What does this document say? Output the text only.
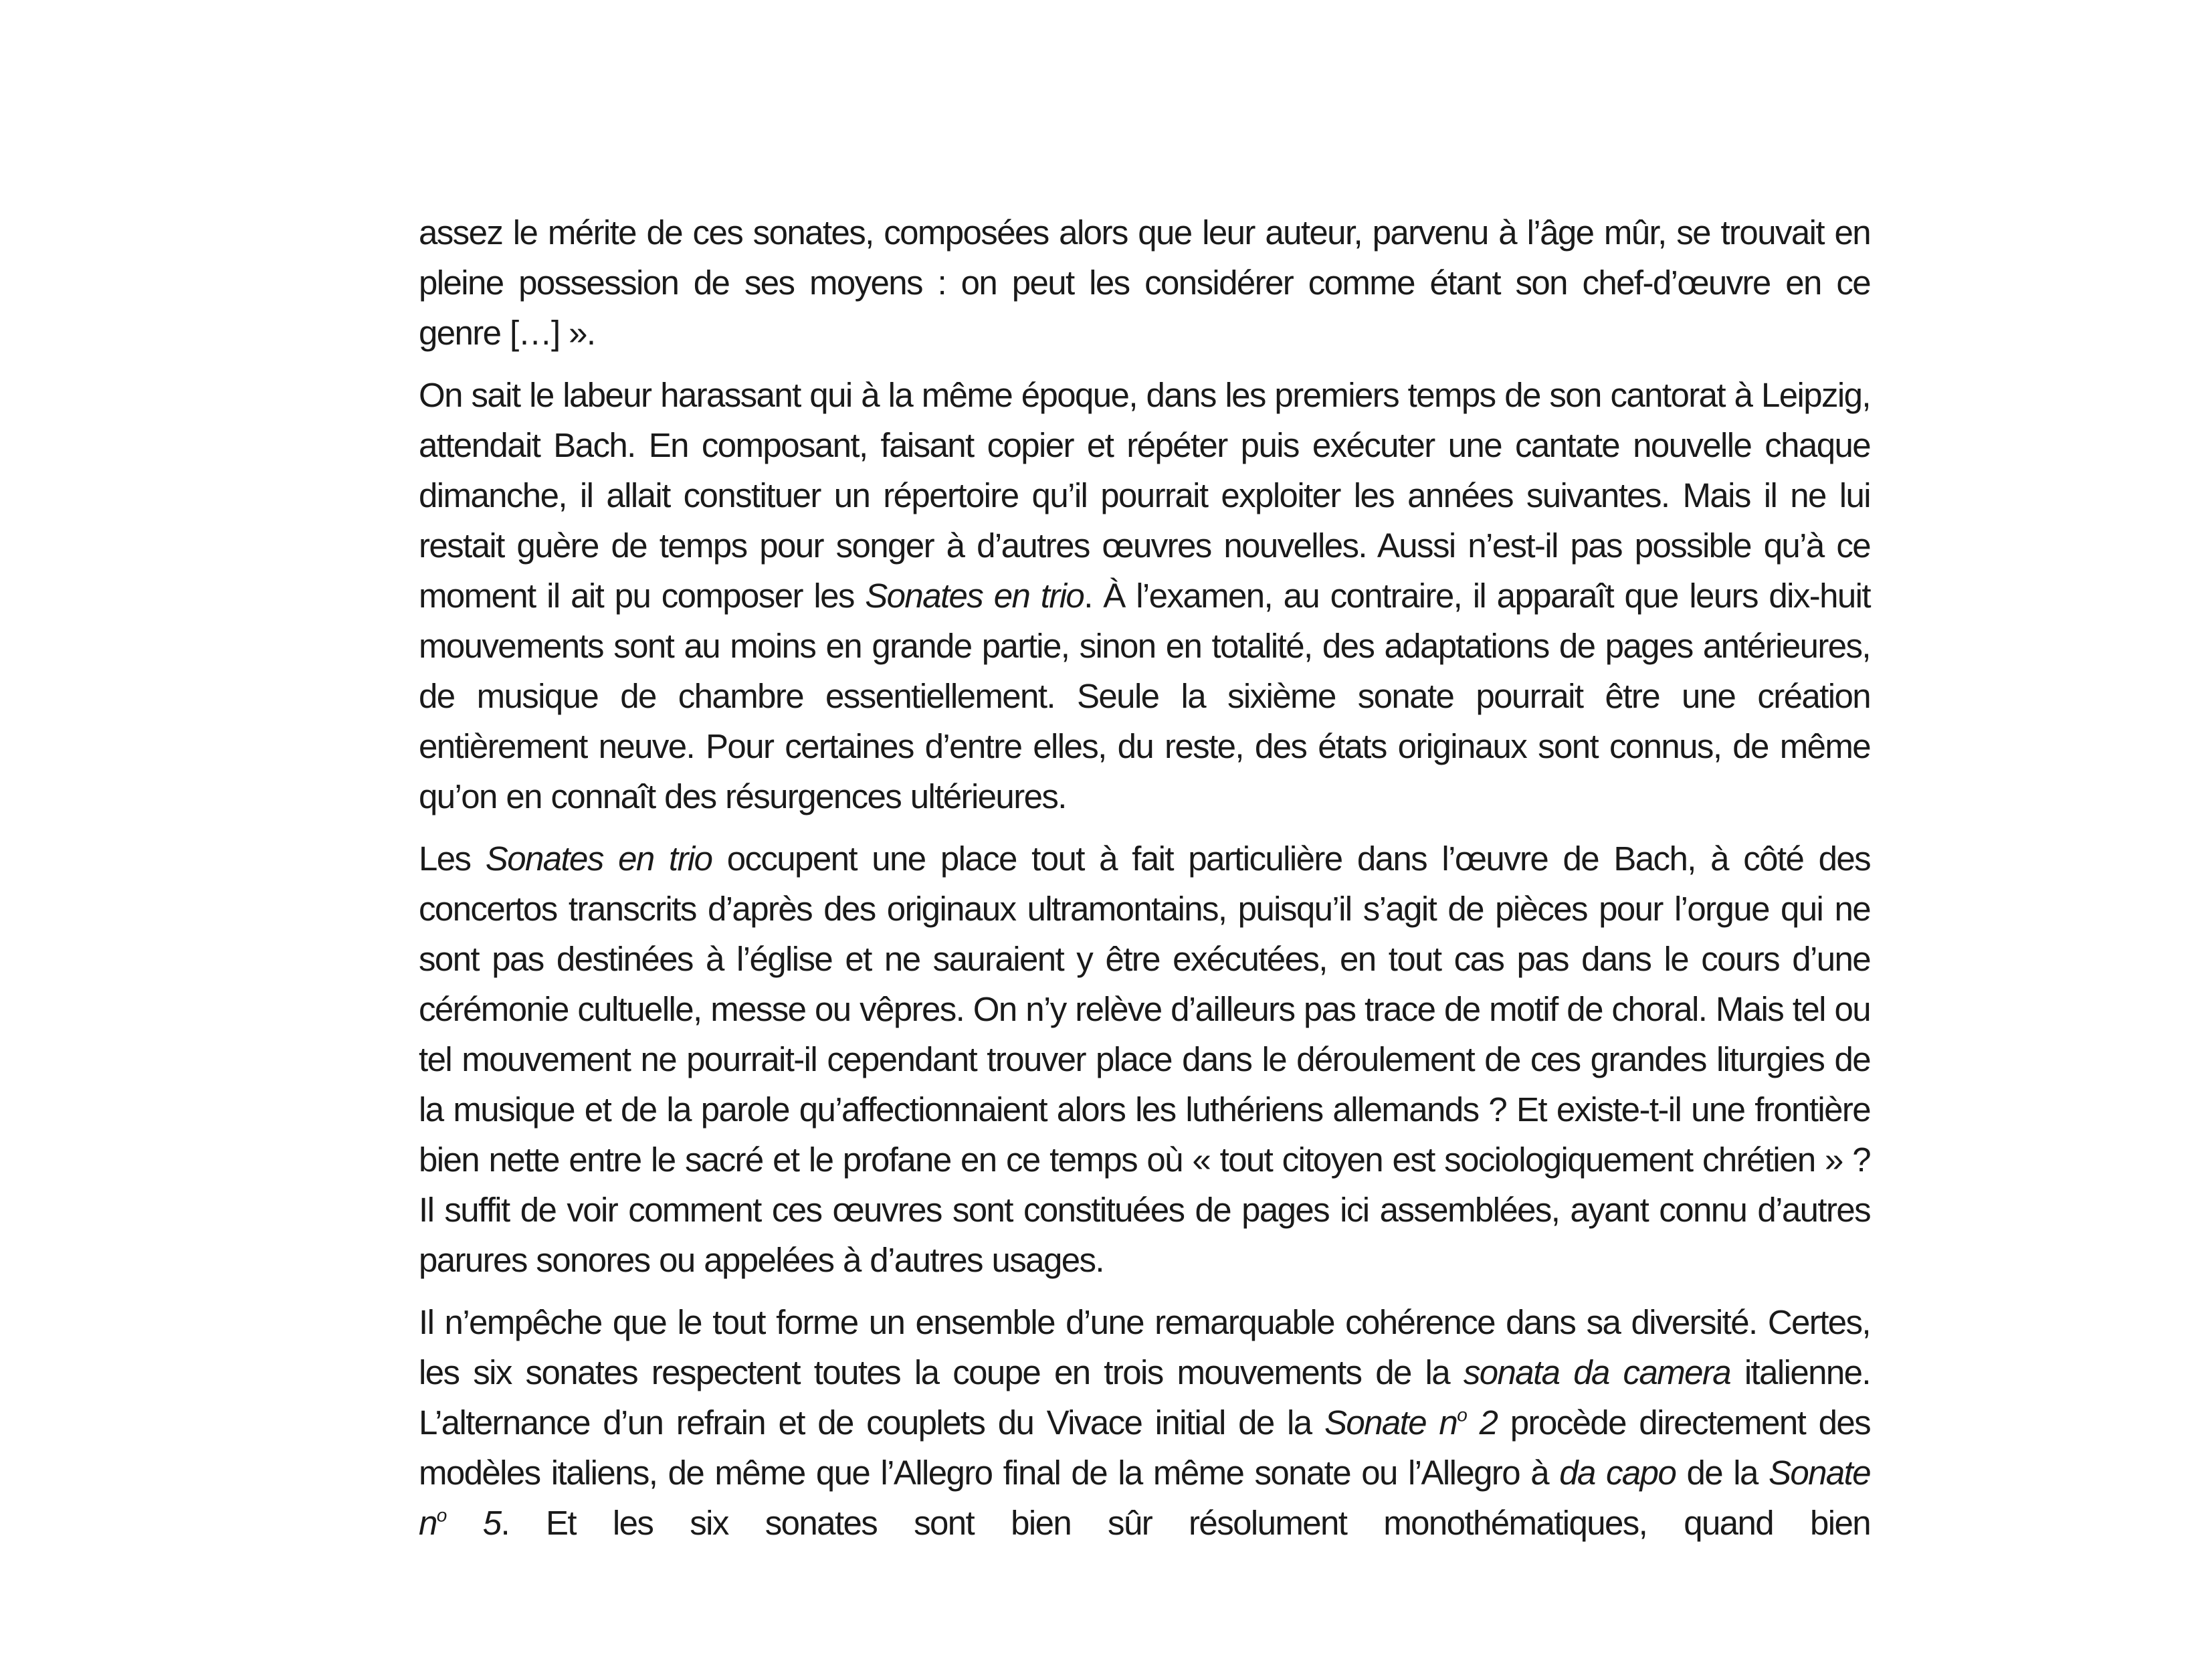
assez le mérite de ces sonates, composées alors que leur auteur, parvenu à l’âge mûr, se trouvait en pleine possession de ses moyens : on peut les considérer comme étant son chef-d’œuvre en ce genre […] ».

On sait le labeur harassant qui à la même époque, dans les premiers temps de son cantorat à Leipzig, attendait Bach. En composant, faisant copier et répéter puis exécuter une cantate nouvelle chaque dimanche, il allait constituer un répertoire qu’il pourrait exploiter les années suivantes. Mais il ne lui restait guère de temps pour songer à d’autres œuvres nouvelles. Aussi n’est-il pas possible qu’à ce moment il ait pu composer les Sonates en trio. À l’examen, au contraire, il apparaît que leurs dix-huit mouvements sont au moins en grande partie, sinon en totalité, des adaptations de pages antérieures, de musique de chambre essentiellement. Seule la sixième sonate pourrait être une création entièrement neuve. Pour certaines d’entre elles, du reste, des états originaux sont connus, de même qu’on en connaît des résurgences ultérieures.

Les Sonates en trio occupent une place tout à fait particulière dans l’œuvre de Bach, à côté des concertos transcrits d’après des originaux ultramontains, puisqu’il s’agit de pièces pour l’orgue qui ne sont pas destinées à l’église et ne sauraient y être exécutées, en tout cas pas dans le cours d’une cérémonie cultuelle, messe ou vêpres. On n’y relève d’ailleurs pas trace de motif de choral. Mais tel ou tel mouvement ne pourrait-il cependant trouver place dans le déroulement de ces grandes liturgies de la musique et de la parole qu’affectionnaient alors les luthériens allemands ? Et existe-t-il une frontière bien nette entre le sacré et le profane en ce temps où « tout citoyen est sociologiquement chrétien » ? Il suffit de voir comment ces œuvres sont constituées de pages ici assemblées, ayant connu d’autres parures sonores ou appelées à d’autres usages.

Il n’empêche que le tout forme un ensemble d’une remarquable cohérence dans sa diversité. Certes, les six sonates respectent toutes la coupe en trois mouvements de la sonata da camera italienne. L’alternance d’un refrain et de couplets du Vivace initial de la Sonate $n^o$ 2 procède directement des modèles italiens, de même que l’Allegro final de la même sonate ou l’Allegro à da capo de la Sonate $n^o$ 5. Et les six sonates sont bien sûr résolument monothématiques, quand bien
